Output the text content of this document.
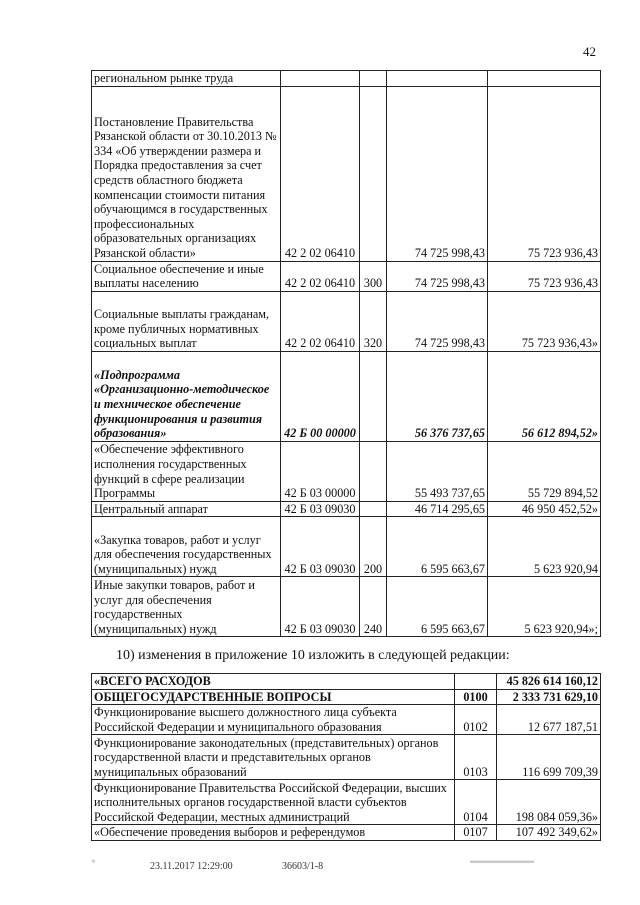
42
региональном рынке труда				
Постановление Правительства Рязанской области от 30.10.2013 № 334 «Об утверждении размера и Порядка предоставления за счет средств областного бюджета компенсации стоимости питания обучающимся в государственных профессиональных образовательных организациях Рязанской области»	42 2 02 06410		74 725 998,43	75 723 936,43
Социальное обеспечение и иные выплаты населению	42 2 02 06410	300	74 725 998,43	75 723 936,43
Социальные выплаты гражданам, кроме публичных нормативных социальных выплат	42 2 02 06410	320	74 725 998,43	75 723 936,43»
«Подпрограмма «Организационно-методическое и техническое обеспечение функционирования и развития образования»	42 Б 00 00000		56 376 737,65	56 612 894,52»
«Обеспечение эффективного исполнения государственных функций в сфере реализации Программы	42 Б 03 00000		55 493 737,65	55 729 894,52
Центральный аппарат	42 Б 03 09030		46 714 295,65	46 950 452,52»
«Закупка товаров, работ и услуг для обеспечения государственных (муниципальных) нужд	42 Б 03 09030	200	6 595 663,67	5 623 920,94
Иные закупки товаров, работ и услуг для обеспечения государственных (муниципальных) нужд	42 Б 03 09030	240	6 595 663,67	5 623 920,94»;
10) изменения в приложение 10 изложить в следующей редакции:
«ВСЕГО РАСХОДОВ		45 826 614 160,12
ОБЩЕГОСУДАРСТВЕННЫЕ ВОПРОСЫ	0100	2 333 731 629,10
Функционирование высшего должностного лица субъекта Российской Федерации и муниципального образования	0102	12 677 187,51
Функционирование законодательных (представительных) органов государственной власти и представительных органов муниципальных образований	0103	116 699 709,39
Функционирование Правительства Российской Федерации, высших исполнительных органов государственной власти субъектов Российской Федерации, местных администраций	0104	198 084 059,36»
«Обеспечение проведения выборов и референдумов	0107	107 492 349,62»
23.11.2017 12:29:00	36603/1-8
✦	▬▬▬▬▬▬▬▬
